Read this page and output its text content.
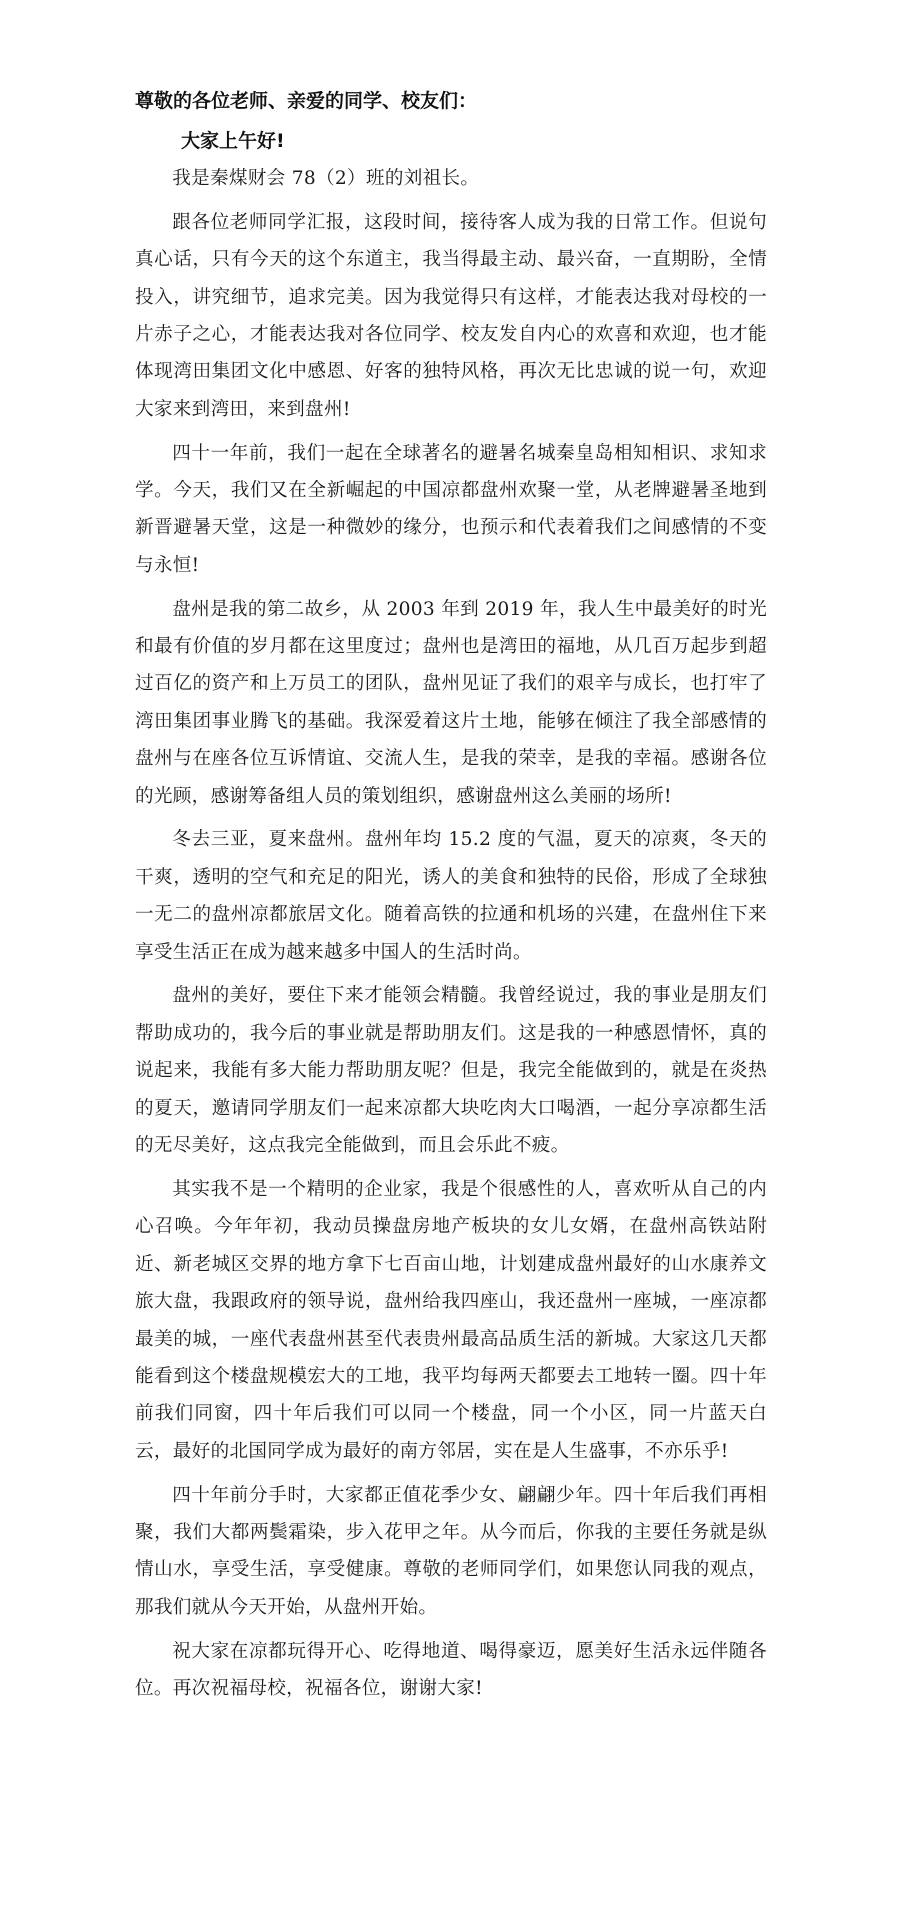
尊敬的各位老师、亲爱的同学、校友们：
大家上午好!

我是秦煤财会 78（2）班的刘祖长。

跟各位老师同学汇报，这段时间，接待客人成为我的日常工作。但说句真心话，只有今天的这个东道主，我当得最主动、最兴奋，一直期盼，全情投入，讲究细节，追求完美。因为我觉得只有这样，才能表达我对母校的一片赤子之心，才能表达我对各位同学、校友发自内心的欢喜和欢迎，也才能体现湾田集团文化中感恩、好客的独特风格，再次无比忠诚的说一句，欢迎大家来到湾田，来到盘州!

四十一年前，我们一起在全球著名的避暑名城秦皇岛相知相识、求知求学。今天，我们又在全新崛起的中国凉都盘州欢聚一堂，从老牌避暑圣地到新晋避暑天堂，这是一种微妙的缘分，也预示和代表着我们之间感情的不变与永恒!

盘州是我的第二故乡，从 2003 年到 2019 年，我人生中最美好的时光和最有价值的岁月都在这里度过；盘州也是湾田的福地，从几百万起步到超过百亿的资产和上万员工的团队，盘州见证了我们的艰辛与成长，也打牢了湾田集团事业腾飞的基础。我深爱着这片土地，能够在倾注了我全部感情的盘州与在座各位互诉情谊、交流人生，是我的荣幸，是我的幸福。感谢各位的光顾，感谢筹备组人员的策划组织，感谢盘州这么美丽的场所!

冬去三亚，夏来盘州。盘州年均 15.2 度的气温，夏天的凉爽，冬天的干爽，透明的空气和充足的阳光，诱人的美食和独特的民俗，形成了全球独一无二的盘州凉都旅居文化。随着高铁的拉通和机场的兴建，在盘州住下来享受生活正在成为越来越多中国人的生活时尚。

盘州的美好，要住下来才能领会精髓。我曾经说过，我的事业是朋友们帮助成功的，我今后的事业就是帮助朋友们。这是我的一种感恩情怀，真的说起来，我能有多大能力帮助朋友呢？但是，我完全能做到的，就是在炎热的夏天，邀请同学朋友们一起来凉都大块吃肉大口喝酒，一起分享凉都生活的无尽美好，这点我完全能做到，而且会乐此不疲。

其实我不是一个精明的企业家，我是个很感性的人，喜欢听从自己的内心召唤。今年年初，我动员操盘房地产板块的女儿女婿，在盘州高铁站附近、新老城区交界的地方拿下七百亩山地，计划建成盘州最好的山水康养文旅大盘，我跟政府的领导说，盘州给我四座山，我还盘州一座城，一座凉都最美的城，一座代表盘州甚至代表贵州最高品质生活的新城。大家这几天都能看到这个楼盘规模宏大的工地，我平均每两天都要去工地转一圈。四十年前我们同窗，四十年后我们可以同一个楼盘，同一个小区，同一片蓝天白云，最好的北国同学成为最好的南方邻居，实在是人生盛事，不亦乐乎!

四十年前分手时，大家都正值花季少女、翩翩少年。四十年后我们再相聚，我们大都两鬓霜染，步入花甲之年。从今而后，你我的主要任务就是纵情山水，享受生活，享受健康。尊敬的老师同学们，如果您认同我的观点，那我们就从今天开始，从盘州开始。

祝大家在凉都玩得开心、吃得地道、喝得豪迈，愿美好生活永远伴随各位。再次祝福母校，祝福各位，谢谢大家!
